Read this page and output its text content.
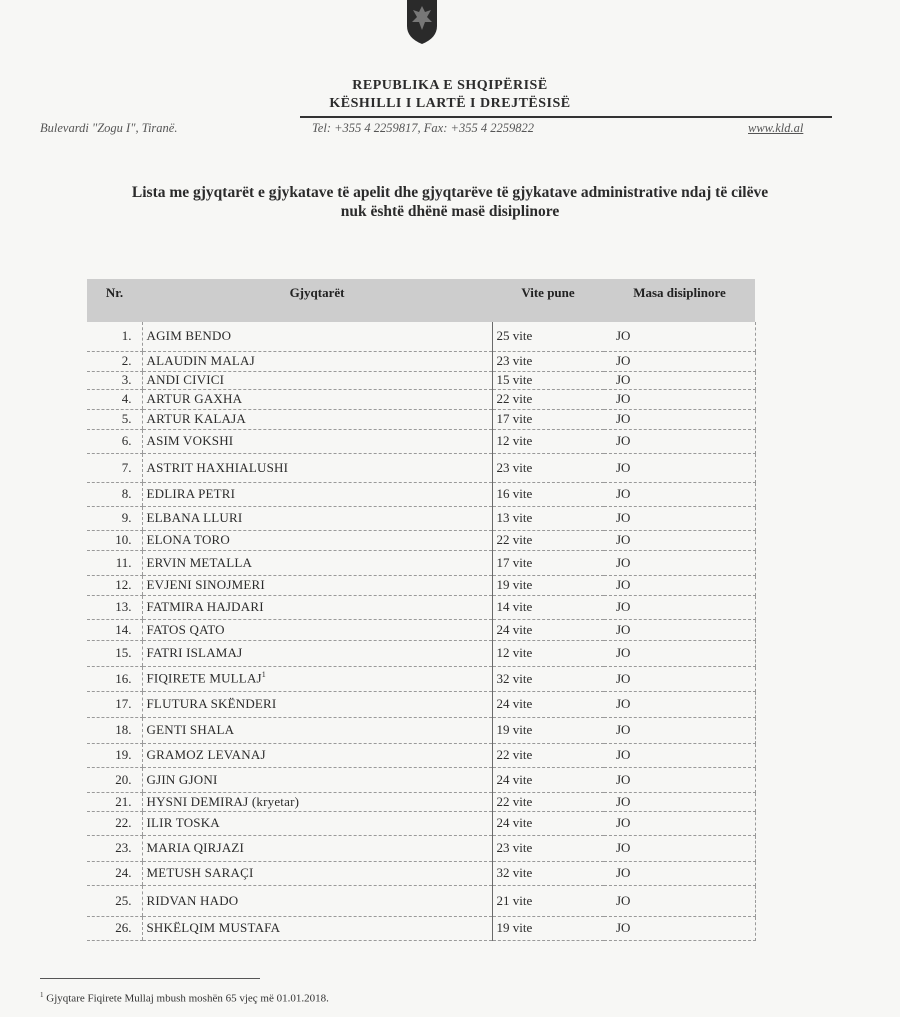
REPUBLIKA E SHQIPËRISË
KËSHILLI I LARTË I DREJTËSISË
Bulevardi "Zogu I", Tiranë.	Tel: +355 4 2259817, Fax: +355 4 2259822	www.kld.al
Lista me gjyqtarët e gjykatave të apelit dhe gjyqtarëve të gjykatave administrative ndaj të cilëve
nuk është dhënë masë disiplinore
Nr.	Gjyqtarët	Vite pune	Masa disiplinore
1.	AGIM BENDO	25 vite	JO
2.	ALAUDIN MALAJ	23 vite	JO
3.	ANDI CIVICI	15 vite	JO
4.	ARTUR GAXHA	22 vite	JO
5.	ARTUR KALAJA	17 vite	JO
6.	ASIM VOKSHI	12 vite	JO
7.	ASTRIT HAXHIALUSHI	23 vite	JO
8.	EDLIRA PETRI	16 vite	JO
9.	ELBANA LLURI	13 vite	JO
10.	ELONA TORO	22 vite	JO
11.	ERVIN METALLA	17 vite	JO
12.	EVJENI SINOJMERI	19 vite	JO
13.	FATMIRA HAJDARI	14 vite	JO
14.	FATOS QATO	24 vite	JO
15.	FATRI ISLAMAJ	12 vite	JO
16.	FIQIRETE MULLAJ$^1$	32 vite	JO
17.	FLUTURA SKËNDERI	24 vite	JO
18.	GENTI SHALA	19 vite	JO
19.	GRAMOZ LEVANAJ	22 vite	JO
20.	GJIN GJONI	24 vite	JO
21.	HYSNI DEMIRAJ (kryetar)	22 vite	JO
22.	ILIR TOSKA	24 vite	JO
23.	MARIA QIRJAZI	23 vite	JO
24.	METUSH SARAÇI	32 vite	JO
25.	RIDVAN HADO	21 vite	JO
26.	SHKËLQIM MUSTAFA	19 vite	JO
$^1$ Gjyqtare Fiqirete Mullaj mbush moshën 65 vjeç më 01.01.2018.
